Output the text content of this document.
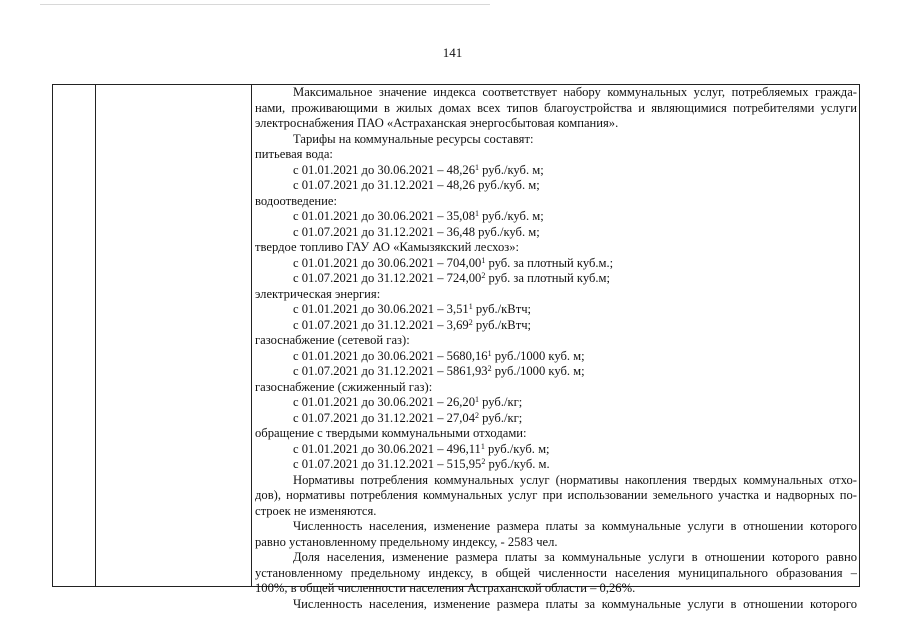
141
Максимальное значение индекса соответствует набору коммунальных услуг, потребляемых гражда-
нами, проживающими в жилых домах всех типов благоустройства и являющимися потребителями услуги
электроснабжения ПАО «Астраханская энергосбытовая компания».
Тарифы на коммунальные ресурсы составят:
питьевая вода:
с 01.01.2021 до 30.06.2021 – 48,26$^1$ руб./куб. м;
с 01.07.2021 до 31.12.2021 – 48,26 руб./куб. м;
водоотведение:
с 01.01.2021 до 30.06.2021 – 35,08$^1$ руб./куб. м;
с 01.07.2021 до 31.12.2021 – 36,48 руб./куб. м;
твердое топливо ГАУ АО «Камызякский лесхоз»:
с 01.01.2021 до 30.06.2021 – 704,00$^1$ руб. за плотный куб.м.;
с 01.07.2021 до 31.12.2021 – 724,00$^2$ руб. за плотный куб.м;
электрическая энергия:
с 01.01.2021 до 30.06.2021 – 3,51$^1$ руб./кВтч;
с 01.07.2021 до 31.12.2021 – 3,69$^2$ руб./кВтч;
газоснабжение (сетевой газ):
с 01.01.2021 до 30.06.2021 – 5680,16$^1$ руб./1000 куб. м;
с 01.07.2021 до 31.12.2021 – 5861,93$^2$ руб./1000 куб. м;
газоснабжение (сжиженный газ):
с 01.01.2021 до 30.06.2021 – 26,20$^1$ руб./кг;
с 01.07.2021 до 31.12.2021 – 27,04$^2$ руб./кг;
обращение с твердыми коммунальными отходами:
с 01.01.2021 до 30.06.2021 – 496,11$^1$ руб./куб. м;
с 01.07.2021 до 31.12.2021 – 515,95$^2$ руб./куб. м.
Нормативы потребления коммунальных услуг (нормативы накопления твердых коммунальных отхо-
дов), нормативы потребления коммунальных услуг при использовании земельного участка и надворных по-
строек не изменяются.
Численность населения, изменение размера платы за коммунальные услуги в отношении которого
равно установленному предельному индексу, - 2583 чел.
Доля населения, изменение размера платы за коммунальные услуги в отношении которого равно
установленному предельному индексу, в общей численности населения муниципального образования –
100%, в общей численности населения Астраханской области – 0,26%.
Численность населения, изменение размера платы за коммунальные услуги в отношении которого
